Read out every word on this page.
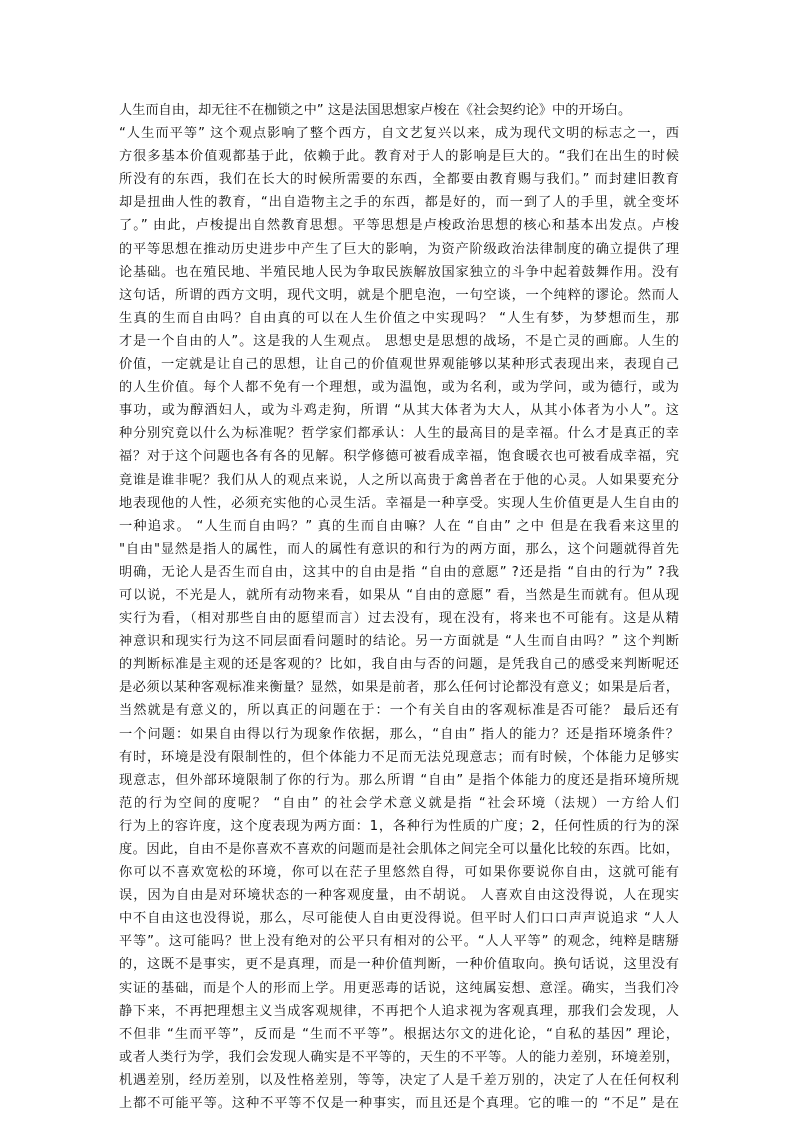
人生而自由，却无往不在枷锁之中” 这是法国思想家卢梭在《社会契约论》中的开场白。
“人生而平等” 这个观点影响了整个西方，自文艺复兴以来，成为现代文明的标志之一，西
方很多基本价值观都基于此，依赖于此。教育对于人的影响是巨大的。“我们在出生的时候
所没有的东西，我们在长大的时候所需要的东西，全都要由教育赐与我们。” 而封建旧教育
却是扭曲人性的教育，“出自造物主之手的东西，都是好的，而一到了人的手里，就全变坏
了。” 由此，卢梭提出自然教育思想。平等思想是卢梭政治思想的核心和基本出发点。卢梭
的平等思想在推动历史进步中产生了巨大的影响，为资产阶级政治法律制度的确立提供了理
论基础。也在殖民地、半殖民地人民为争取民族解放国家独立的斗争中起着鼓舞作用。没有
这句话，所谓的西方文明，现代文明，就是个肥皂泡，一句空谈，一个纯粹的谬论。然而人
生真的生而自由吗？自由真的可以在人生价值之中实现吗？ “人生有梦，为梦想而生，那
才是一个自由的人”。这是我的人生观点。 思想史是思想的战场，不是亡灵的画廊。人生的
价值，一定就是让自己的思想，让自己的价值观世界观能够以某种形式表现出来，表现自己
的人生价值。每个人都不免有一个理想，或为温饱，或为名利，或为学问，或为德行，或为
事功，或为醇酒妇人，或为斗鸡走狗，所谓 “从其大体者为大人，从其小体者为小人”。这
种分别究竟以什么为标准呢？哲学家们都承认：人生的最高目的是幸福。什么才是真正的幸
福？对于这个问题也各有各的见解。积学修德可被看成幸福，饱食暖衣也可被看成幸福，究
竟谁是谁非呢？我们从人的观点来说，人之所以高贵于禽兽者在于他的心灵。人如果要充分
地表现他的人性，必须充实他的心灵生活。幸福是一种享受。实现人生价值更是人生自由的
一种追求。 “人生而自由吗？” 真的生而自由嘛？人在 “自由” 之中 但是在我看来这里的
"自由"显然是指人的属性，而人的属性有意识的和行为的两方面，那么，这个问题就得首先
明确，无论人是否生而自由，这其中的自由是指 “自由的意愿” ?还是指 “自由的行为” ?我
可以说，不光是人，就所有动物来看，如果从 “自由的意愿” 看，当然是生而就有。但从现
实行为看，（相对那些自由的愿望而言）过去没有，现在没有，将来也不可能有。这是从精
神意识和现实行为这不同层面看问题时的结论。另一方面就是 “人生而自由吗？” 这个判断
的判断标准是主观的还是客观的？比如，我自由与否的问题，是凭我自己的感受来判断呢还
是必须以某种客观标准来衡量？显然，如果是前者，那么任何讨论都没有意义；如果是后者，
当然就是有意义的，所以真正的问题在于：一个有关自由的客观标准是否可能？ 最后还有
一个问题：如果自由得以行为现象作依据，那么，“自由” 指人的能力？还是指环境条件？
有时，环境是没有限制性的，但个体能力不足而无法兑现意志；而有时候，个体能力足够实
现意志，但外部环境限制了你的行为。那么所谓 “自由” 是指个体能力的度还是指环境所规
范的行为空间的度呢？ “自由” 的社会学术意义就是指 “社会环境（法规）一方给人们
行为上的容许度，这个度表现为两方面：1，各种行为性质的广度；2，任何性质的行为的深
度。因此，自由不是你喜欢不喜欢的问题而是社会肌体之间完全可以量化比较的东西。比如，
你可以不喜欢宽松的环境，你可以在茫子里悠然自得，可如果你要说你自由，这就可能有
误，因为自由是对环境状态的一种客观度量，由不胡说。 人喜欢自由这没得说，人在现实
中不自由这也没得说，那么，尽可能使人自由更没得说。但平时人们口口声声说追求 “人人
平等”。这可能吗？世上没有绝对的公平只有相对的公平。“人人平等” 的观念，纯粹是瞎掰
的，这既不是事实，更不是真理，而是一种价值判断，一种价值取向。换句话说，这里没有
实证的基础，而是个人的形而上学。用更恶毒的话说，这纯属妄想、意淫。确实，当我们冷
静下来，不再把理想主义当成客观规律，不再把个人追求视为客观真理，那我们会发现，人
不但非 “生而平等”，反而是 “生而不平等”。根据达尔文的进化论，“自私的基因” 理论，
或者人类行为学，我们会发现人确实是不平等的，天生的不平等。人的能力差别，环境差别，
机遇差别，经历差别，以及性格差别，等等，决定了人是千差万别的，决定了人在任何权利
上都不可能平等。这种不平等不仅是一种事实，而且还是个真理。它的唯一的 “不足” 是在
